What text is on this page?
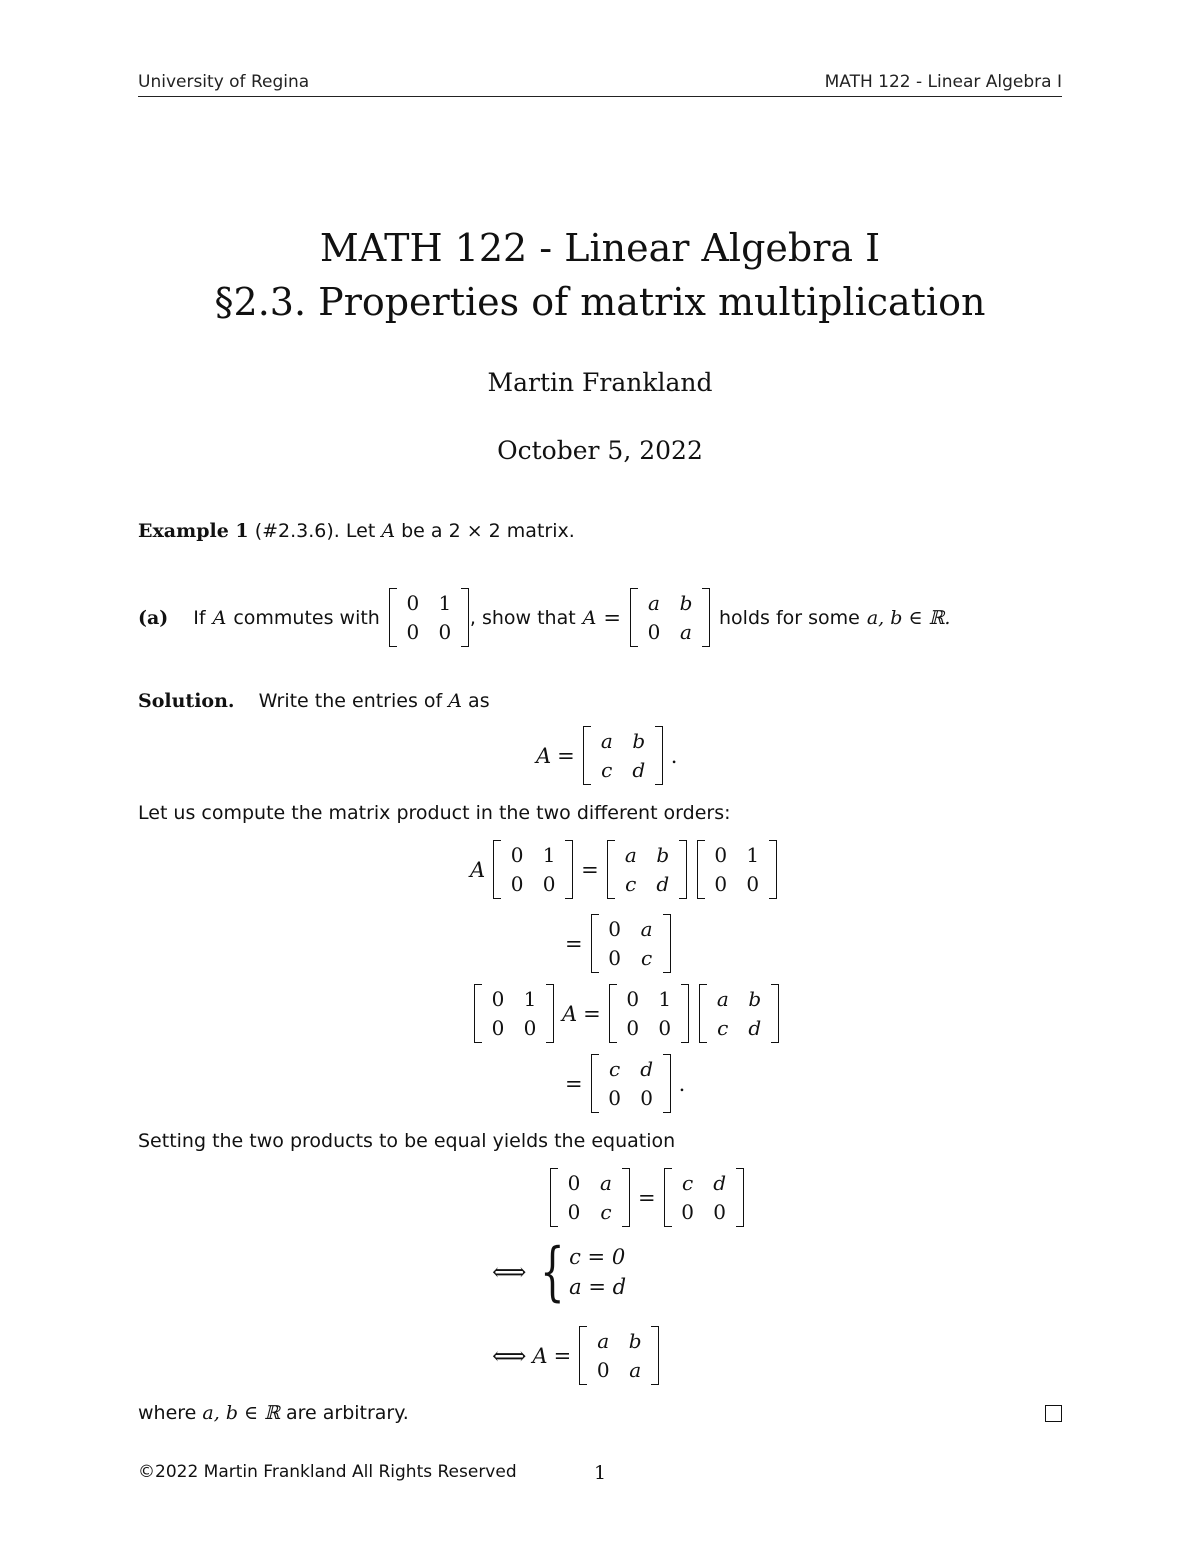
University of Regina	MATH 122 - Linear Algebra I
MATH 122 - Linear Algebra I
§2.3. Properties of matrix multiplication
Martin Frankland
October 5, 2022
Example 1 (#2.3.6). Let A be a 2 × 2 matrix.
(a) If A commutes with
0 1
0 0
, show that A =
a b
0 a
holds for some a, b ∈ ℝ.
Solution. Write the entries of A as
A =
a b
c	d
.
Let us compute the matrix product in the two different orders:
A
0 1
0 0
=
a b
c	d
0 1
0 0
=
0 a
0	c
0 1
0 0
A =
0 1
0 0
a b
c	d
=
c	d
0 0
.
Setting the two products to be equal yields the equation
0 a
0	c
=
c	d
0 0
⟺ { c = 0
a = d
⟺ A =
a b
0 a
where a, b ∈ ℝ are arbitrary.
©2022 Martin Frankland All Rights Reserved	1
